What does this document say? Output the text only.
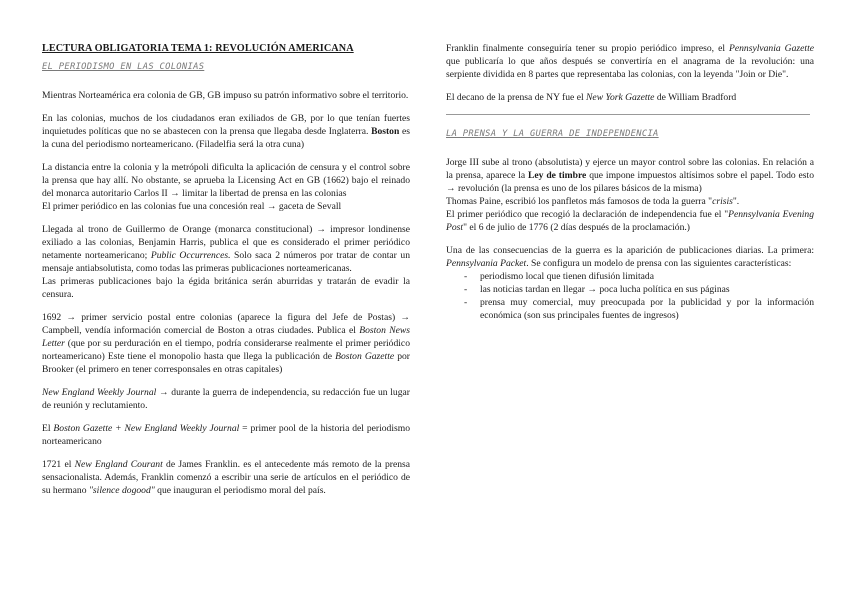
LECTURA OBLIGATORIA TEMA 1: REVOLUCIÓN AMERICANA
EL PERIODISMO EN LAS COLONIAS

Mientras Norteamérica era colonia de GB, GB impuso su patrón informativo sobre el territorio.

En las colonias, muchos de los ciudadanos eran exiliados de GB, por lo que tenían fuertes inquietudes políticas que no se abastecen con la prensa que llegaba desde Inglaterra. Boston es la cuna del periodismo norteamericano. (Filadelfia será la otra cuna)

La distancia entre la colonia y la metrópoli dificulta la aplicación de censura y el control sobre la prensa que hay allí. No obstante, se aprueba la Licensing Act en GB (1662) bajo el reinado del monarca autoritario Carlos II → limitar la libertad de prensa en las colonias
El primer periódico en las colonias fue una concesión real → gaceta de Sevall

Llegada al trono de Guillermo de Orange (monarca constitucional) → impresor londinense exiliado a las colonias, Benjamin Harris, publica el que es considerado el primer periódico netamente norteamericano; Public Occurrences. Solo saca 2 números por tratar de contar un mensaje antiabsolutista, como todas las primeras publicaciones norteamericanas.
Las primeras publicaciones bajo la égida británica serán aburridas y tratarán de evadir la censura.

1692 → primer servicio postal entre colonias (aparece la figura del Jefe de Postas) → Campbell, vendía información comercial de Boston a otras ciudades. Publica el Boston News Letter (que por su perduración en el tiempo, podría considerarse realmente el primer periódico norteamericano) Este tiene el monopolio hasta que llega la publicación de Boston Gazette por Brooker (el primero en tener corresponsales en otras capitales)

New England Weekly Journal → durante la guerra de independencia, su redacción fue un lugar de reunión y reclutamiento.

El Boston Gazette + New England Weekly Journal = primer pool de la historia del periodismo norteamericano

1721 el New England Courant de James Franklin. es el antecedente más remoto de la prensa sensacionalista. Además, Franklin comenzó a escribir una serie de artículos en el periódico de su hermano "silence dogood" que inauguran el periodismo moral del país.

Franklin finalmente conseguiría tener su propio periódico impreso, el Pennsylvania Gazette que publicaría lo que años después se convertiría en el anagrama de la revolución: una serpiente dividida en 8 partes que representaba las colonias, con la leyenda "Join or Die".

El decano de la prensa de NY fue el New York Gazette de William Bradford

LA PRENSA Y LA GUERRA DE INDEPENDENCIA

Jorge III sube al trono (absolutista) y ejerce un mayor control sobre las colonias. En relación a la prensa, aparece la Ley de timbre que impone impuestos altísimos sobre el papel. Todo esto → revolución (la prensa es uno de los pilares básicos de la misma)
Thomas Paine, escribió los panfletos más famosos de toda la guerra "crisis".
El primer periódico que recogió la declaración de independencia fue el "Pennsylvania Evening Post" el 6 de julio de 1776 (2 días después de la proclamación.)

Una de las consecuencias de la guerra es la aparición de publicaciones diarias. La primera: Pennsylvania Packet. Se configura un modelo de prensa con las siguientes características:

- periodismo local que tienen difusión limitada
- las noticias tardan en llegar → poca lucha política en sus páginas
- prensa muy comercial, muy preocupada por la publicidad y por la información económica (son sus principales fuentes de ingresos)
